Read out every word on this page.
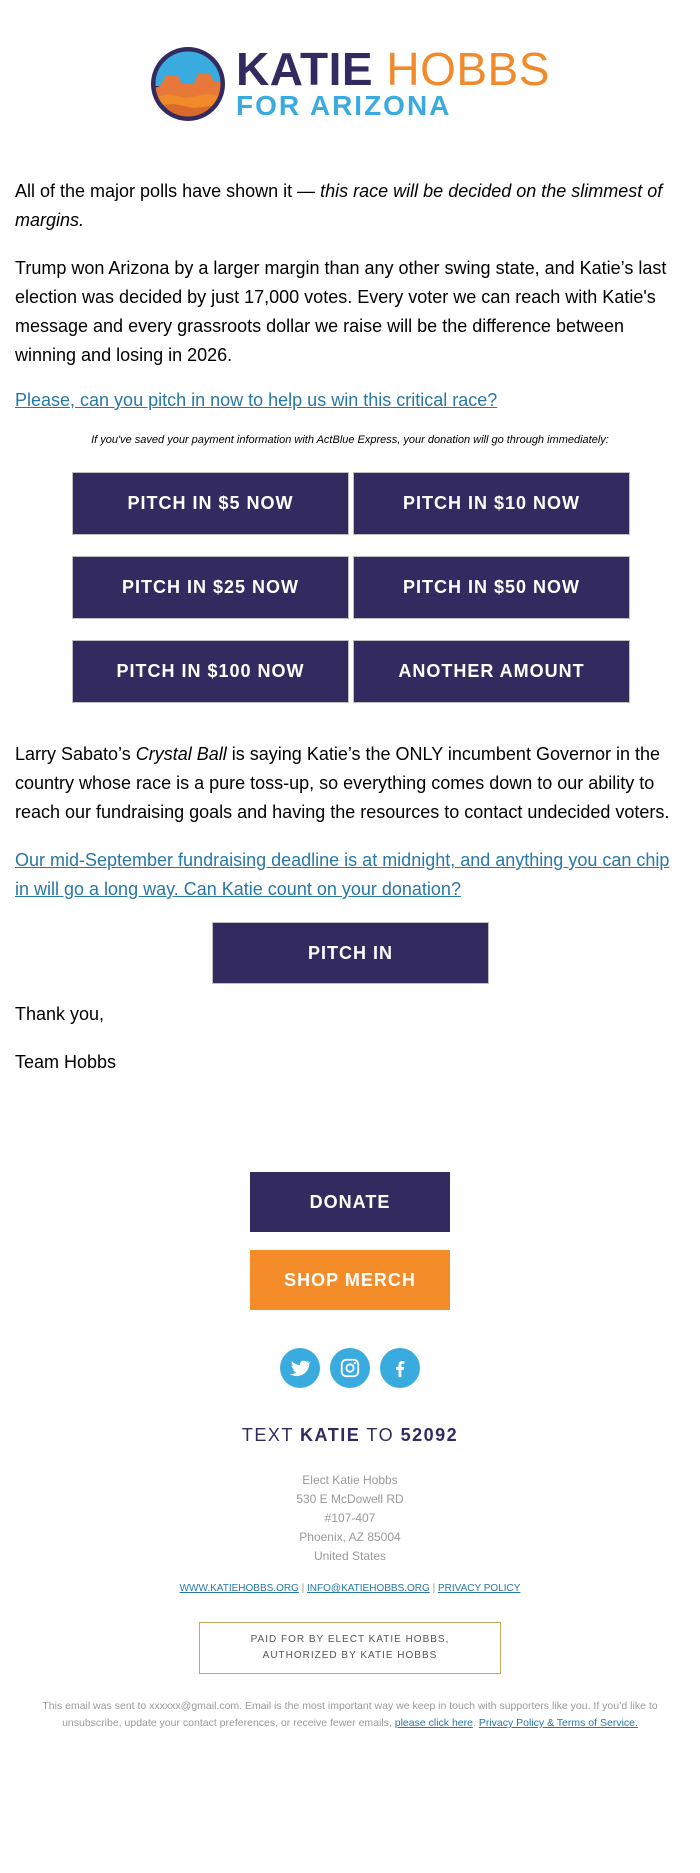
KATIE HOBBS
FOR ARIZONA
All of the major polls have shown it — this race will be decided on the slimmest of margins.
Trump won Arizona by a larger margin than any other swing state, and Katie’s last election was decided by just 17,000 votes. Every voter we can reach with Katie's message and every grassroots dollar we raise will be the difference between winning and losing in 2026.
Please, can you pitch in now to help us win this critical race?
If you've saved your payment information with ActBlue Express, your donation will go through immediately:
PITCH IN $5 NOW	PITCH IN $10 NOW
PITCH IN $25 NOW	PITCH IN $50 NOW
PITCH IN $100 NOW	ANOTHER AMOUNT
Larry Sabato’s Crystal Ball is saying Katie’s the ONLY incumbent Governor in the country whose race is a pure toss-up, so everything comes down to our ability to reach our fundraising goals and having the resources to contact undecided voters.
Our mid-September fundraising deadline is at midnight, and anything you can chip in will go a long way. Can Katie count on your donation?
PITCH IN
Thank you,
Team Hobbs
DONATE
SHOP MERCH
TEXT KATIE TO 52092
Elect Katie Hobbs
530 E McDowell RD
#107-407
Phoenix, AZ 85004
United States
WWW.KATIEHOBBS.ORG | INFO@KATIEHOBBS.ORG | PRIVACY POLICY
PAID FOR BY ELECT KATIE HOBBS,
AUTHORIZED BY KATIE HOBBS
This email was sent to xxxxxx@gmail.com. Email is the most important way we keep in touch with supporters like you. If you’d like to unsubscribe, update your contact preferences, or receive fewer emails, please click here. Privacy Policy & Terms of Service.
